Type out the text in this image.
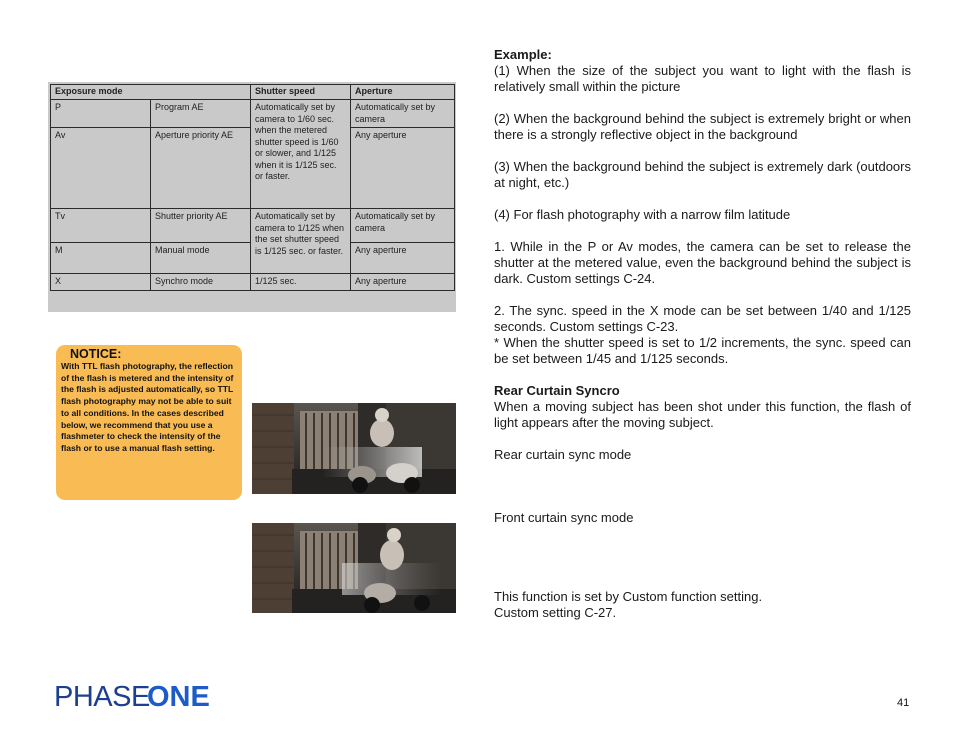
Exposure mode		Shutter speed	Aperture
P	Program AE	Automatically set by camera to 1/60 sec. when the metered shutter speed is 1/60 or slower, and 1/125 when it is 1/125 sec. or faster.	Automatically set by camera
Av	Aperture priority AE		Any aperture
Tv	Shutter priority AE	Automatically set by camera to 1/125 when the set shutter speed is 1/125 sec. or faster.	Automatically set by camera
M	Manual mode		Any aperture
X	Synchro mode	1/125 sec.	Any aperture
NOTICE:

With TTL flash photography, the reflection of the flash is metered and the intensity of the flash is adjusted automatically, so TTL flash photography may not be able to suit to all conditions. In the cases described below, we recommend that you use a flashmeter to check the intensity of the flash or to use a manual flash setting.

Example:

(1) When the size of the subject you want to light with the flash is relatively small within the picture

(2) When the background behind the subject is extremely bright or when there is a strongly reflective object in the background

(3) When the background behind the subject is extremely dark (outdoors at night, etc.)

(4) For flash photography with a narrow film latitude

1. While in the P or Av modes, the camera can be set to release the shutter at the metered value, even the background behind the subject is dark. Custom settings C-24.

2. The sync. speed in the X mode can be set between 1/40 and 1/125 seconds. Custom settings C-23.

* When the shutter speed is set to 1/2 increments, the sync. speed can be set between 1/45 and 1/125 seconds.

Rear Curtain Syncro

When a moving subject has been shot under this function, the flash of light appears after the moving subject.

Rear curtain sync mode

Front curtain sync mode

This function is set by Custom function setting.

Custom setting C-27.

PHASE
ONE	41
